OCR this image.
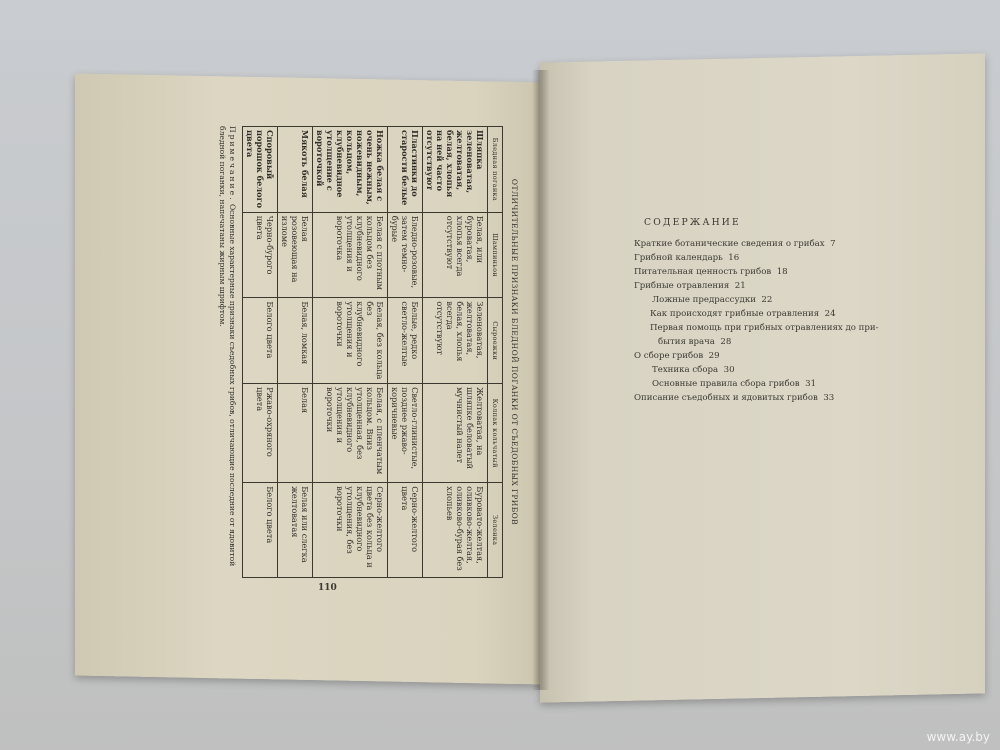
ОТЛИЧИТЕЛЬНЫЕ ПРИЗНАКИ БЛЕДНОЙ ПОГАНКИ ОТ СЪЕДОБНЫХ ГРИБОВ
Бледная поганка	Шампиньон	Сыроежки	Колпак кольчатый	Зеленка
Шляпка зеленоватая, желтоватая, белая, хлопья на ней часто отсутствуют	Белая, или буроватая, хлопья всегда отсутствуют	Зеленоватая, желтоватая, белая, хлопья всегда отсутствуют	Желтоватая, на шляпке беловатый мучнистый налет	Буровато-желтая, оливково-желтая, оливково-бурая без хлопьев
Пластинки до старости белые	Бледно-розовые, затем темно-бурые	Белые, редко светло-желтые	Светло-глинистые, позднее ржаво-коричневые	Серно-желтого цвета
Ножка белая с очень нежным, ножевидным, кольцом, клубневидное утолщение с вороточкой	Белая с плотным кольцом без клубневидного утолщения и вороточка	Белая, без кольца без клубневидного утолщения и вороточки	Белая, с пленчатым кольцом. Вниз утолщенная, без клубневидного утолщения и вороточки	Серно-желтого цвета без кольца и клубневидного утолщения, без вороточки
Мякоть белая	Белая розовеющая на изломе	Белая, ломкая	Белая	Белая или слегка желтоватая
Споровый порошок белого цвета	Черно-бурого цвета	Белого цвета	Ржаво-охряного цвета	Белого цвета
Примечание. Основные характерные признаки съедобных грибов, отличающие последние от ядовитой бледной поганки, напечатаны жирным шрифтом.
110
СОДЕРЖАНИЕ
Краткие ботанические сведения о грибах 7
Грибной календарь 16
Питательная ценность грибов 18
Грибные отравления 21
Ложные предрассудки 22
Как происходят грибные отравления 24
Первая помощь при грибных отравлениях до при-
бытия врача 28
О сборе грибов 29
Техника сбора 30
Основные правила сбора грибов 31
Описание съедобных и ядовитых грибов 33
www.ay.by
